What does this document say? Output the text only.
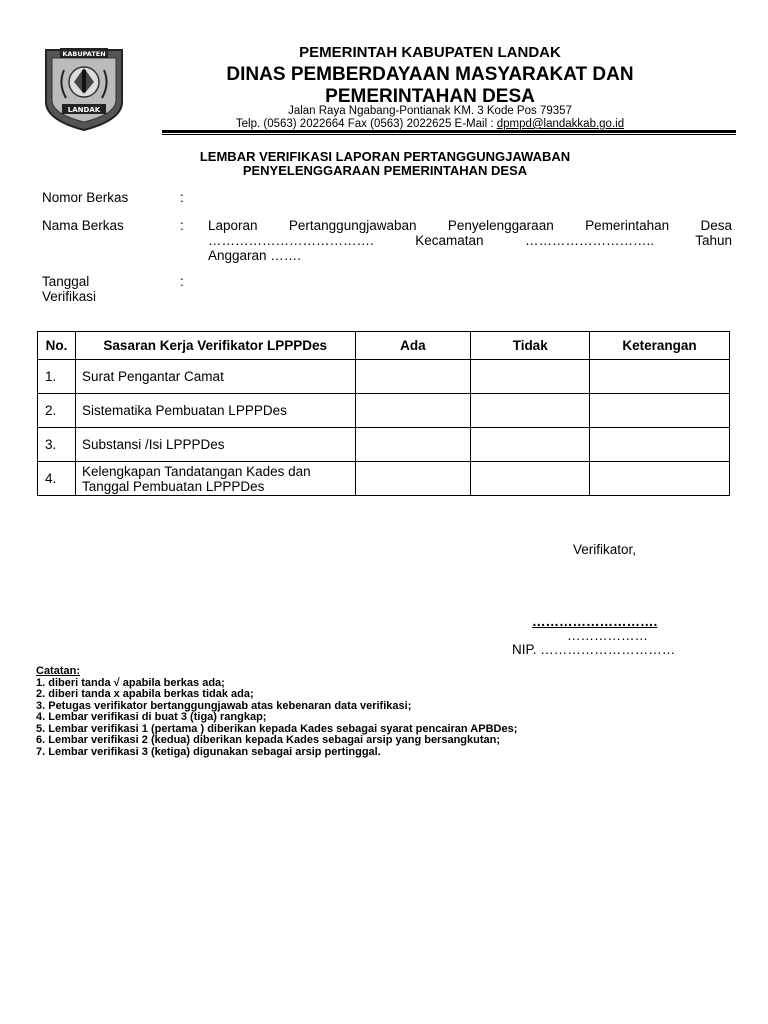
KABUPATEN
LANDAK
PEMERINTAH KABUPATEN LANDAK
DINAS PEMBERDAYAAN MASYARAKAT DAN
PEMERINTAHAN DESA
Jalan Raya Ngabang-Pontianak KM. 3 Kode Pos 79357
Telp. (0563) 2022664 Fax (0563) 2022625 E-Mail : dpmpd@landakkab.go.id
LEMBAR VERIFIKASI LAPORAN PERTANGGUNGJAWABAN
PENYELENGGARAAN PEMERINTAHAN DESA
Nomor Berkas	:
Nama Berkas	: Laporan Pertanggungjawaban Penyelenggaraan Pemerintahan Desa
………………………………. Kecamatan ……………………….. Tahun
Anggaran …….
Tanggal
Verifikasi
:
No.	Sasaran Kerja Verifikator LPPPDes	Ada	Tidak	Keterangan
1.	Surat Pengantar Camat			
2.	Sistematika Pembuatan LPPPDes			
3.	Substansi /Isi LPPPDes			
4.	Kelengkapan Tandatangan Kades dan
Tanggal Pembuatan LPPPDes			

Verifikator,
……………………….
………………
NIP. …………………………
Catatan:
1. diberi tanda √ apabila berkas ada;
2. diberi tanda x apabila berkas tidak ada;
3. Petugas verifikator bertanggungjawab atas kebenaran data verifikasi;
4. Lembar verifikasi di buat 3 (tiga) rangkap;
5. Lembar verifikasi 1 (pertama ) diberikan kepada Kades sebagai syarat pencairan APBDes;
6. Lembar verifikasi 2 (kedua) diberikan kepada Kades sebagai arsip yang bersangkutan;
7. Lembar verifikasi 3 (ketiga) digunakan sebagai arsip pertinggal.
